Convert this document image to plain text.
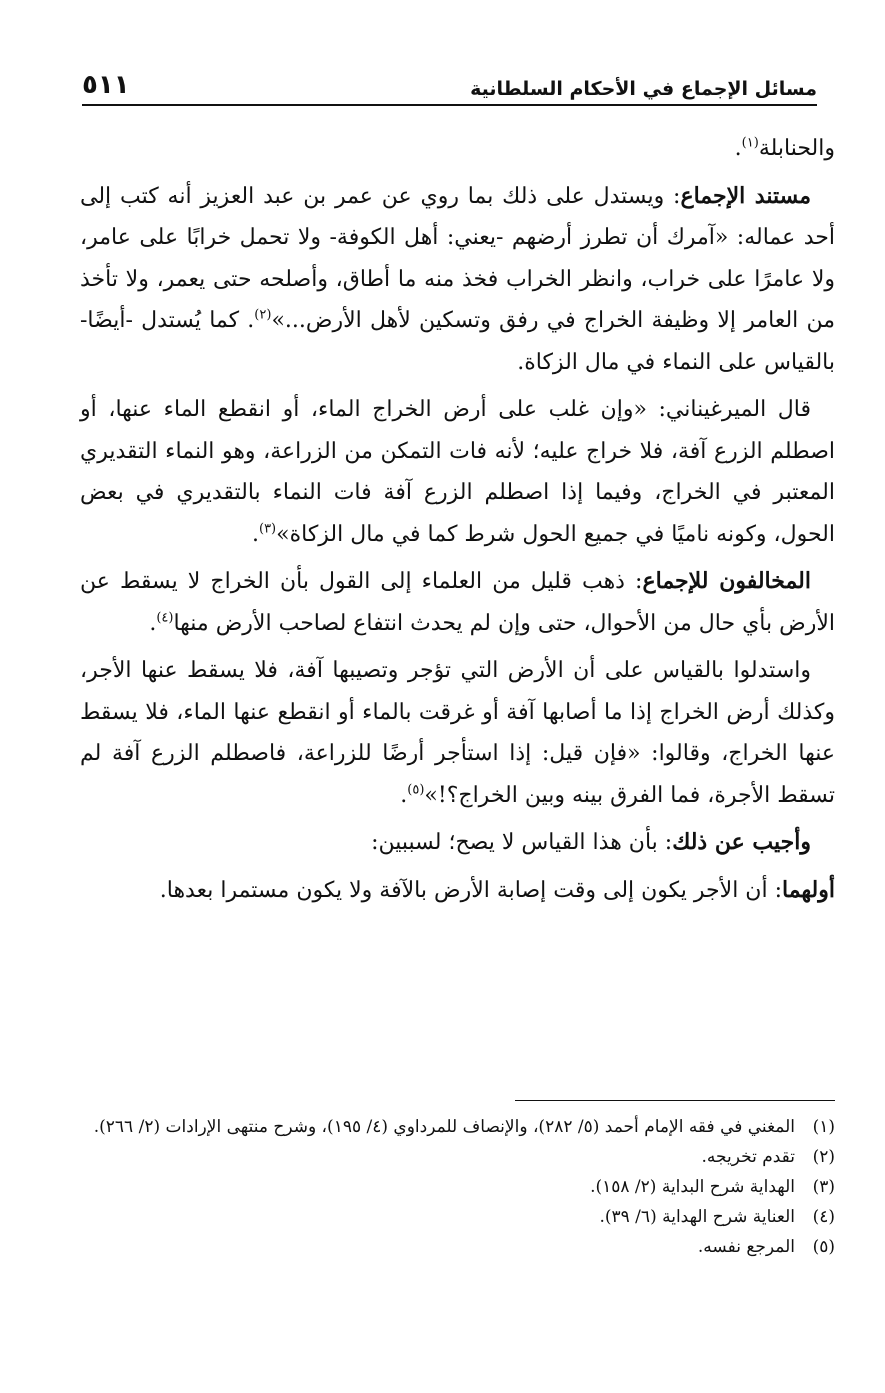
مسائل الإجماع في الأحكام السلطانية
٥١١

والحنابلة$^{(١)}$.

مستند الإجماع: ويستدل على ذلك بما روي عن عمر بن عبد العزيز أنه كتب إلى أحد عماله: «آمرك أن تطرز أرضهم -يعني: أهل الكوفة- ولا تحمل خرابًا على عامر، ولا عامرًا على خراب، وانظر الخراب فخذ منه ما أطاق، وأصلحه حتى يعمر، ولا تأخذ من العامر إلا وظيفة الخراج في رفق وتسكين لأهل الأرض...»$^{(٢)}$. كما يُستدل -أيضًا- بالقياس على النماء في مال الزكاة.

قال الميرغيناني: «وإن غلب على أرض الخراج الماء، أو انقطع الماء عنها، أو اصطلم الزرع آفة، فلا خراج عليه؛ لأنه فات التمكن من الزراعة، وهو النماء التقديري المعتبر في الخراج، وفيما إذا اصطلم الزرع آفة فات النماء بالتقديري في بعض الحول، وكونه ناميًا في جميع الحول شرط كما في مال الزكاة»$^{(٣)}$.

المخالفون للإجماع: ذهب قليل من العلماء إلى القول بأن الخراج لا يسقط عن الأرض بأي حال من الأحوال، حتى وإن لم يحدث انتفاع لصاحب الأرض منها$^{(٤)}$.

واستدلوا بالقياس على أن الأرض التي تؤجر وتصيبها آفة، فلا يسقط عنها الأجر، وكذلك أرض الخراج إذا ما أصابها آفة أو غرقت بالماء أو انقطع عنها الماء، فلا يسقط عنها الخراج، وقالوا: «فإن قيل: إذا استأجر أرضًا للزراعة، فاصطلم الزرع آفة لم تسقط الأجرة، فما الفرق بينه وبين الخراج؟!»$^{(٥)}$.

وأجيب عن ذلك: بأن هذا القياس لا يصح؛ لسببين:

أولهما: أن الأجر يكون إلى وقت إصابة الأرض بالآفة ولا يكون مستمرا بعدها.

(١)
المغني في فقه الإمام أحمد (٥/ ٢٨٢)، والإنصاف للمرداوي (٤/ ١٩٥)، وشرح منتهى الإرادات (٢/ ٢٦٦).

(٢)
تقدم تخريجه.

(٣)
الهداية شرح البداية (٢/ ١٥٨).

(٤)
العناية شرح الهداية (٦/ ٣٩).

(٥)
المرجع نفسه.
